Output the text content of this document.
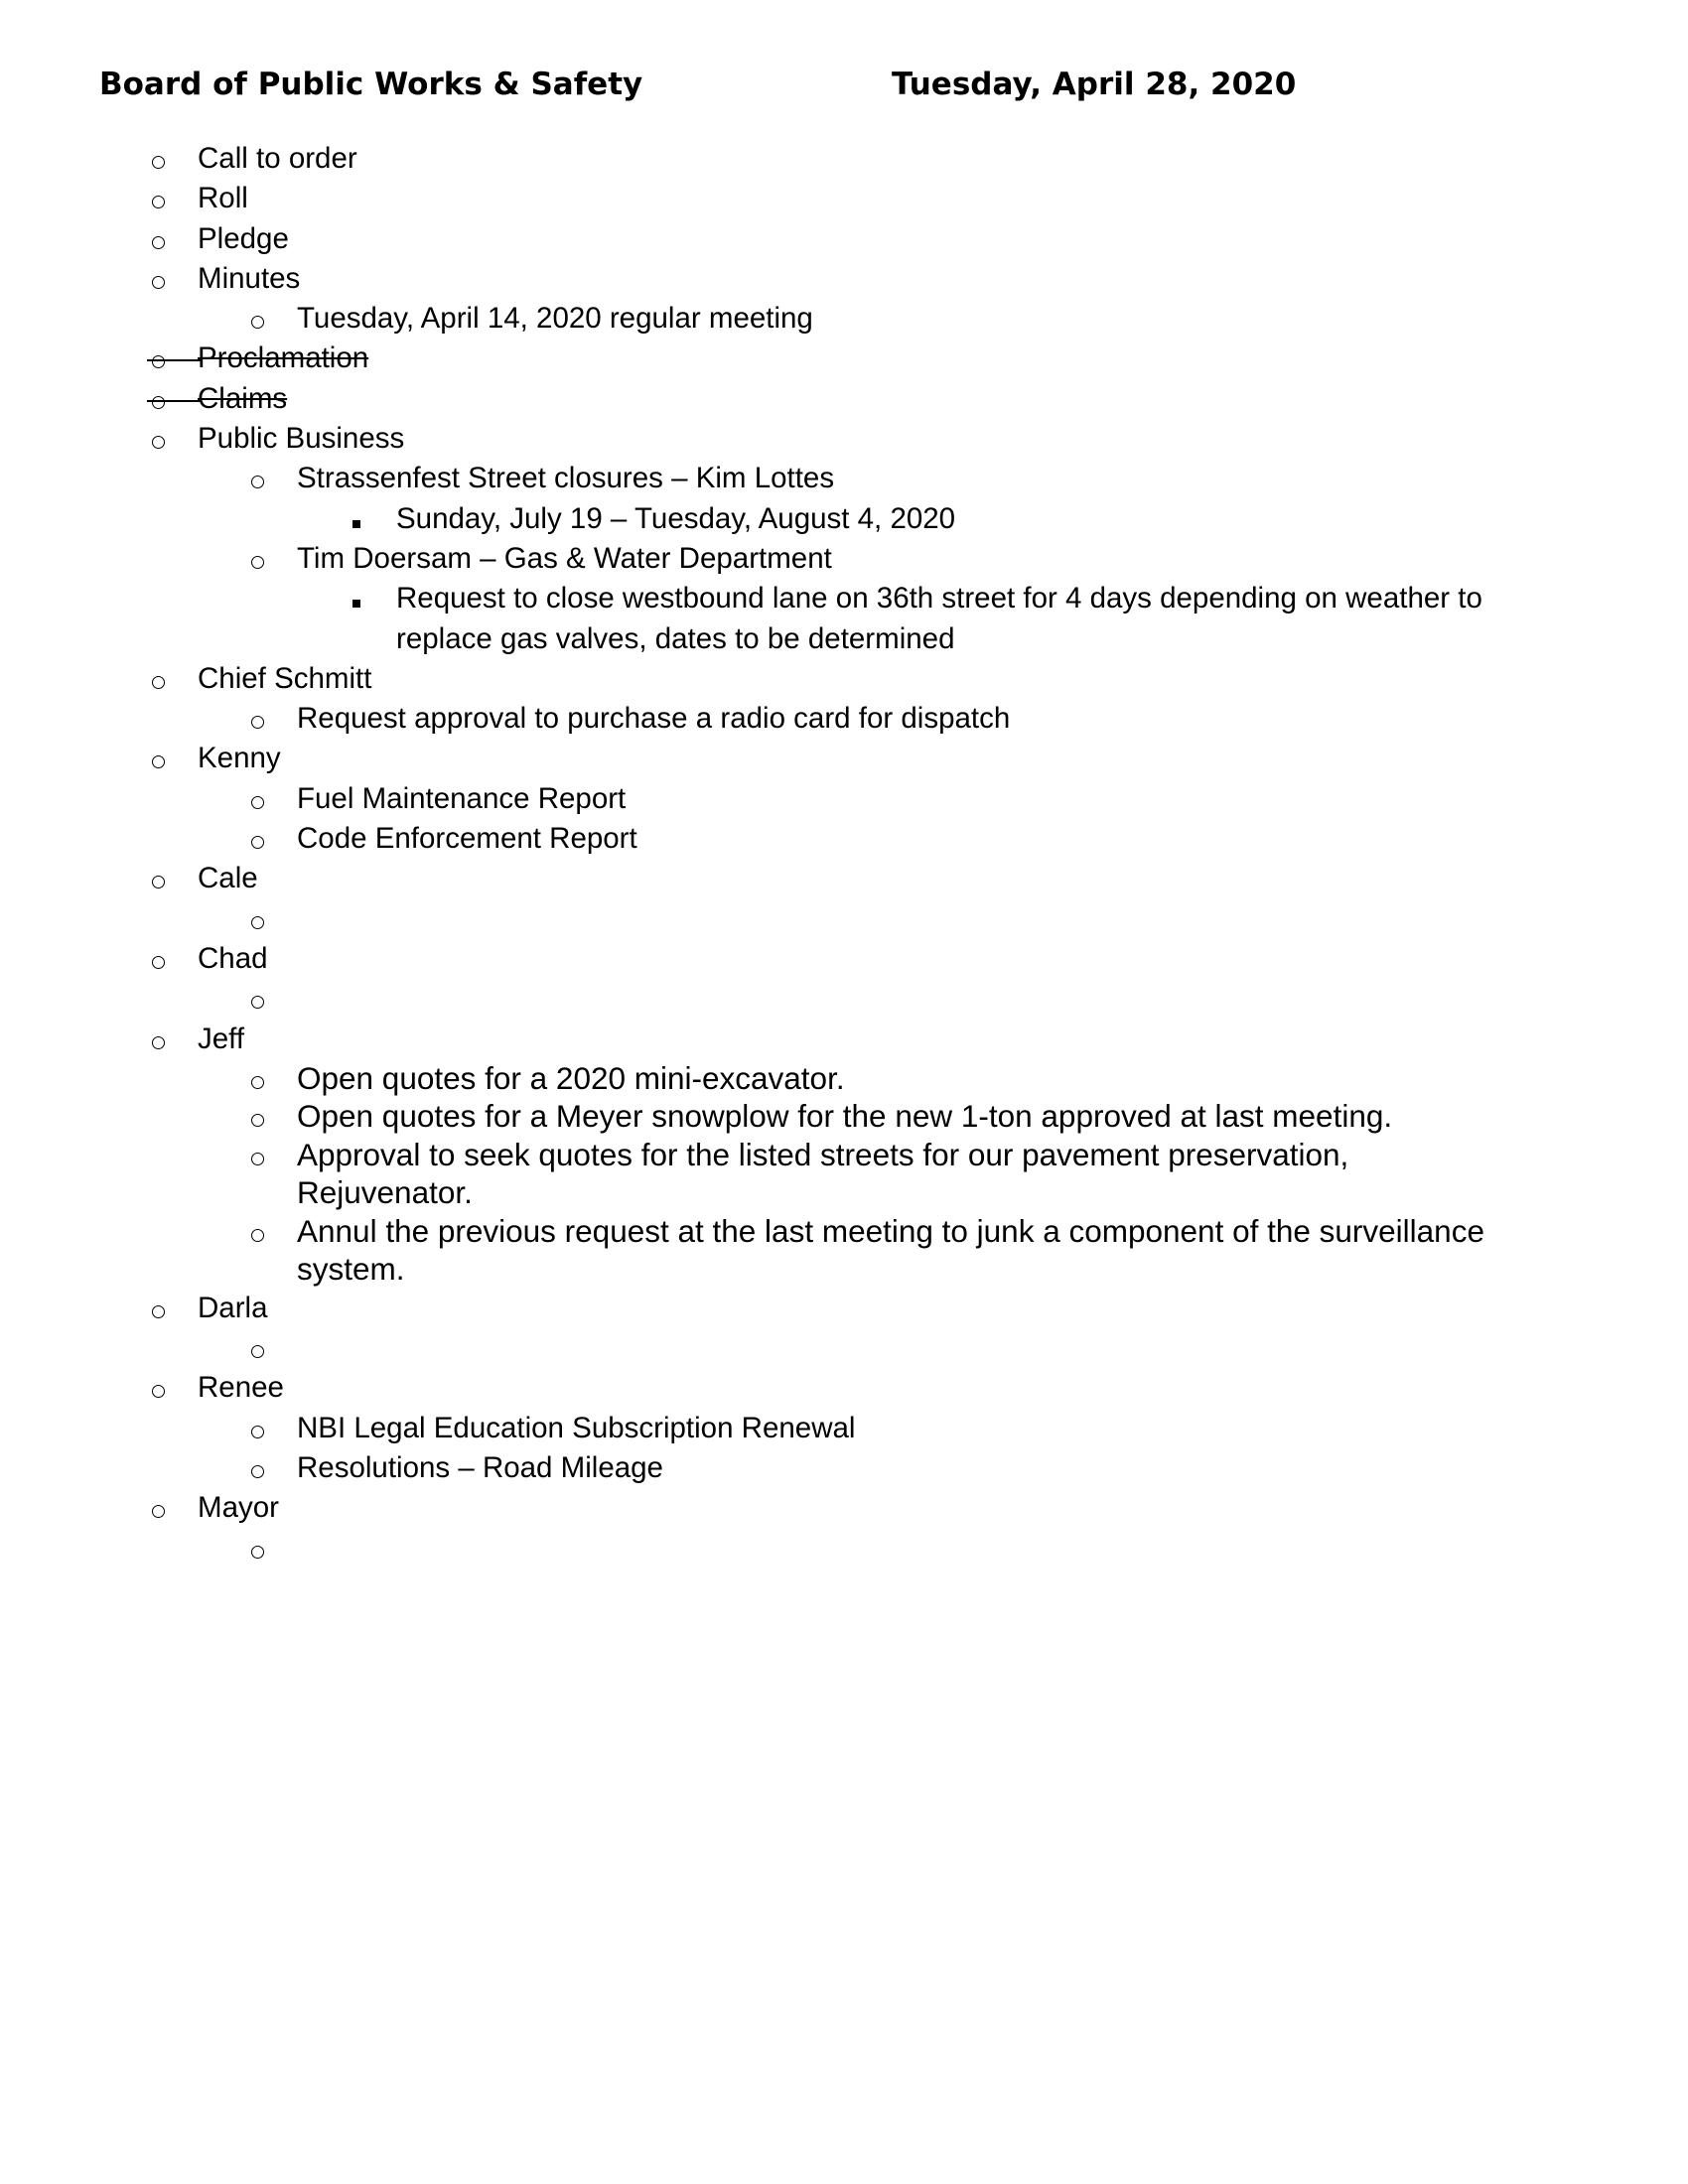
Board of Public Works & Safety	Tuesday, April 28, 2020
Call to order
Roll
Pledge
Minutes
Tuesday, April 14, 2020 regular meeting
Proclamation
Claims
Public Business
Strassenfest Street closures – Kim Lottes
Sunday, July 19 – Tuesday, August 4, 2020
Tim Doersam – Gas & Water Department
Request to close westbound lane on 36th street for 4 days depending on weather to
replace gas valves, dates to be determined
Chief Schmitt
Request approval to purchase a radio card for dispatch
Kenny
Fuel Maintenance Report
Code Enforcement Report
Cale
Chad
Jeff
Open quotes for a 2020 mini-excavator.
Open quotes for a Meyer snowplow for the new 1-ton approved at last meeting.
Approval to seek quotes for the listed streets for our pavement preservation,
Rejuvenator.
Annul the previous request at the last meeting to junk a component of the surveillance
system.
Darla
Renee
NBI Legal Education Subscription Renewal
Resolutions – Road Mileage
Mayor
